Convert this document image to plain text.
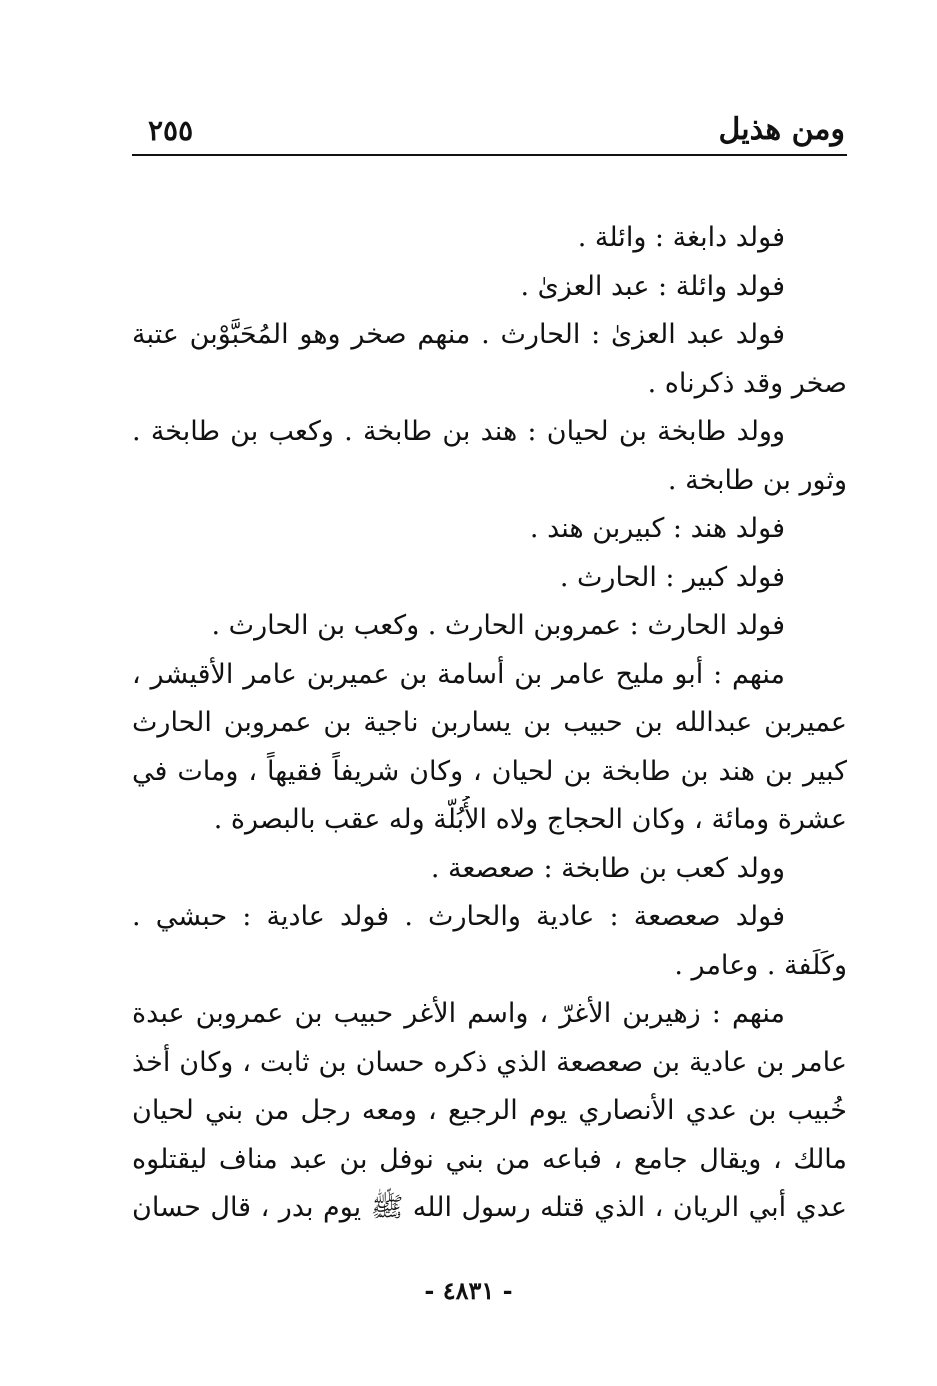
ومن هذيل
٢٥٥
فولد دابغة : وائلة .
فولد وائلة : عبد العزىٰ .
فولد عبد العزىٰ : الحارث . منهم صخر وهو المُحَبَّوْبن عتبة
صخر وقد ذكرناه .
وولد طابخة بن لحيان : هند بن طابخة . وكعب بن طابخة .
وثور بن طابخة .
فولد هند : كبيربن هند .
فولد كبير : الحارث .
فولد الحارث : عمروبن الحارث . وكعب بن الحارث .
منهم : أبو مليح عامر بن أسامة بن عميربن عامر الأقيشر ،
عميربن عبدالله بن حبيب بن يساربن ناجية بن عمروبن الحارث
كبير بن هند بن طابخة بن لحيان ، وكان شريفاً فقيهاً ، ومات في
عشرة ومائة ، وكان الحجاج ولاه الأُبُلّة وله عقب بالبصرة .
وولد كعب بن طابخة : صعصعة .
فولد صعصعة : عادية والحارث . فولد عادية : حبشي .
وكَلَفة . وعامر .
منهم : زهيربن الأغرّ ، واسم الأغر حبيب بن عمروبن عبدة
عامر بن عادية بن صعصعة الذي ذكره حسان بن ثابت ، وكان أخذ
خُبيب بن عدي الأنصاري يوم الرجيع ، ومعه رجل من بني لحيان
مالك ، ويقال جامع ، فباعه من بني نوفل بن عبد مناف ليقتلوه
عدي أبي الريان ، الذي قتله رسول الله ﷺ يوم بدر ، قال حسان
- ٤٨٣١ -
